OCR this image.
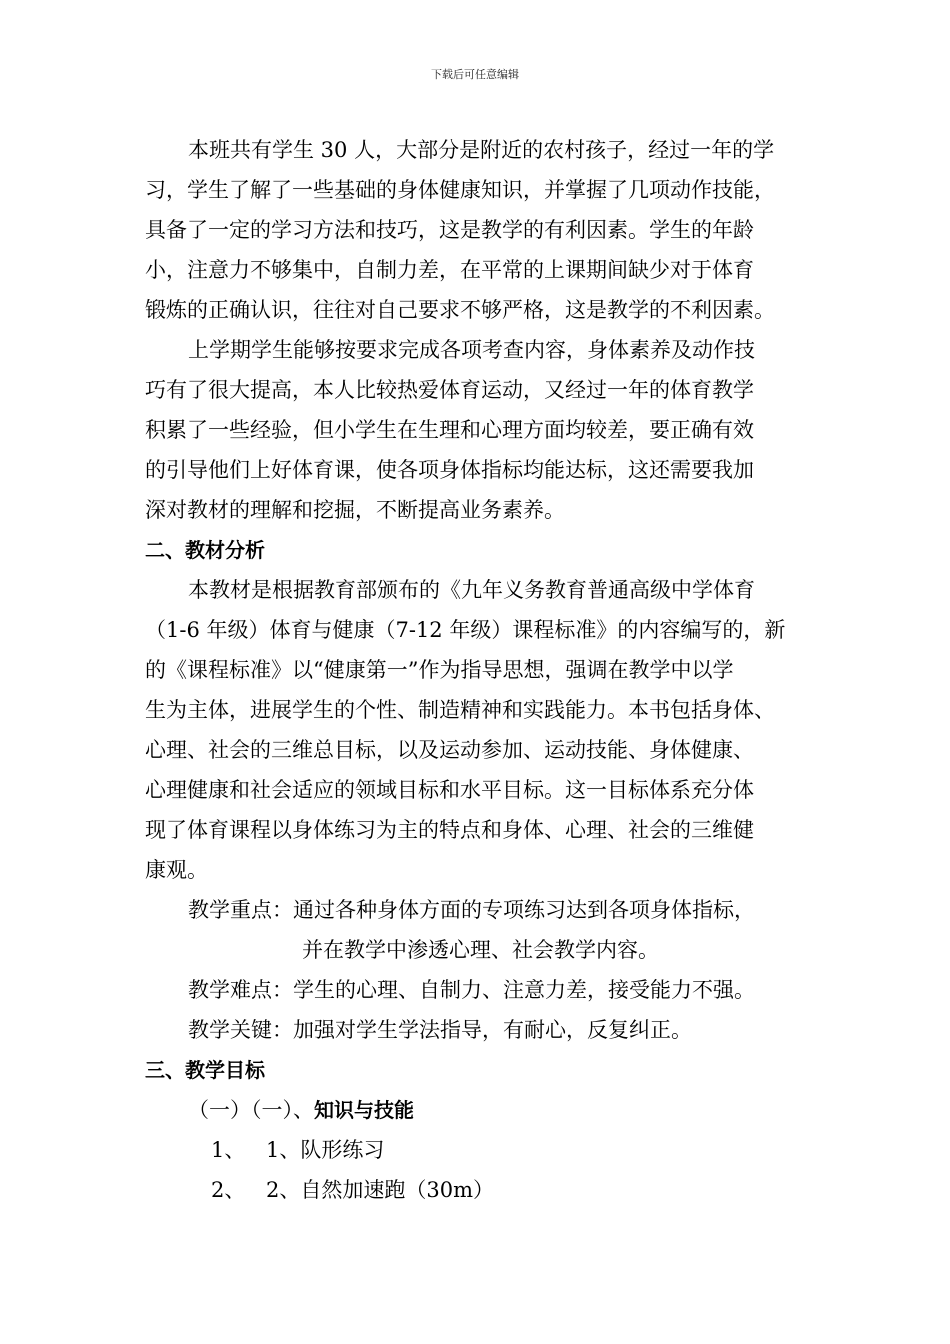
下载后可任意编辑
本班共有学生 30 人，大部分是附近的农村孩子，经过一年的学
习，学生了解了一些基础的身体健康知识，并掌握了几项动作技能，
具备了一定的学习方法和技巧，这是教学的有利因素。学生的年龄
小，注意力不够集中，自制力差，在平常的上课期间缺少对于体育
锻炼的正确认识，往往对自己要求不够严格，这是教学的不利因素。
上学期学生能够按要求完成各项考查内容，身体素养及动作技
巧有了很大提高，本人比较热爱体育运动，又经过一年的体育教学
积累了一些经验，但小学生在生理和心理方面均较差，要正确有效
的引导他们上好体育课，使各项身体指标均能达标，这还需要我加
深对教材的理解和挖掘，不断提高业务素养。
二、教材分析
本教材是根据教育部颁布的《九年义务教育普通高级中学体育
（1-6 年级）体育与健康（7-12 年级）课程标准》的内容编写的，新
的《课程标准》以“健康第一”作为指导思想，强调在教学中以学
生为主体，进展学生的个性、制造精神和实践能力。本书包括身体、
心理、社会的三维总目标，以及运动参加、运动技能、身体健康、
心理健康和社会适应的领域目标和水平目标。这一目标体系充分体
现了体育课程以身体练习为主的特点和身体、心理、社会的三维健
康观。
教学重点：通过各种身体方面的专项练习达到各项身体指标，
并在教学中渗透心理、社会教学内容。
教学难点：学生的心理、自制力、注意力差，接受能力不强。
教学关键：加强对学生学法指导，有耐心，反复纠正。
三、教学目标
（一）（一）、知识与技能
1、 1、队形练习
2、 2、自然加速跑（30m）
